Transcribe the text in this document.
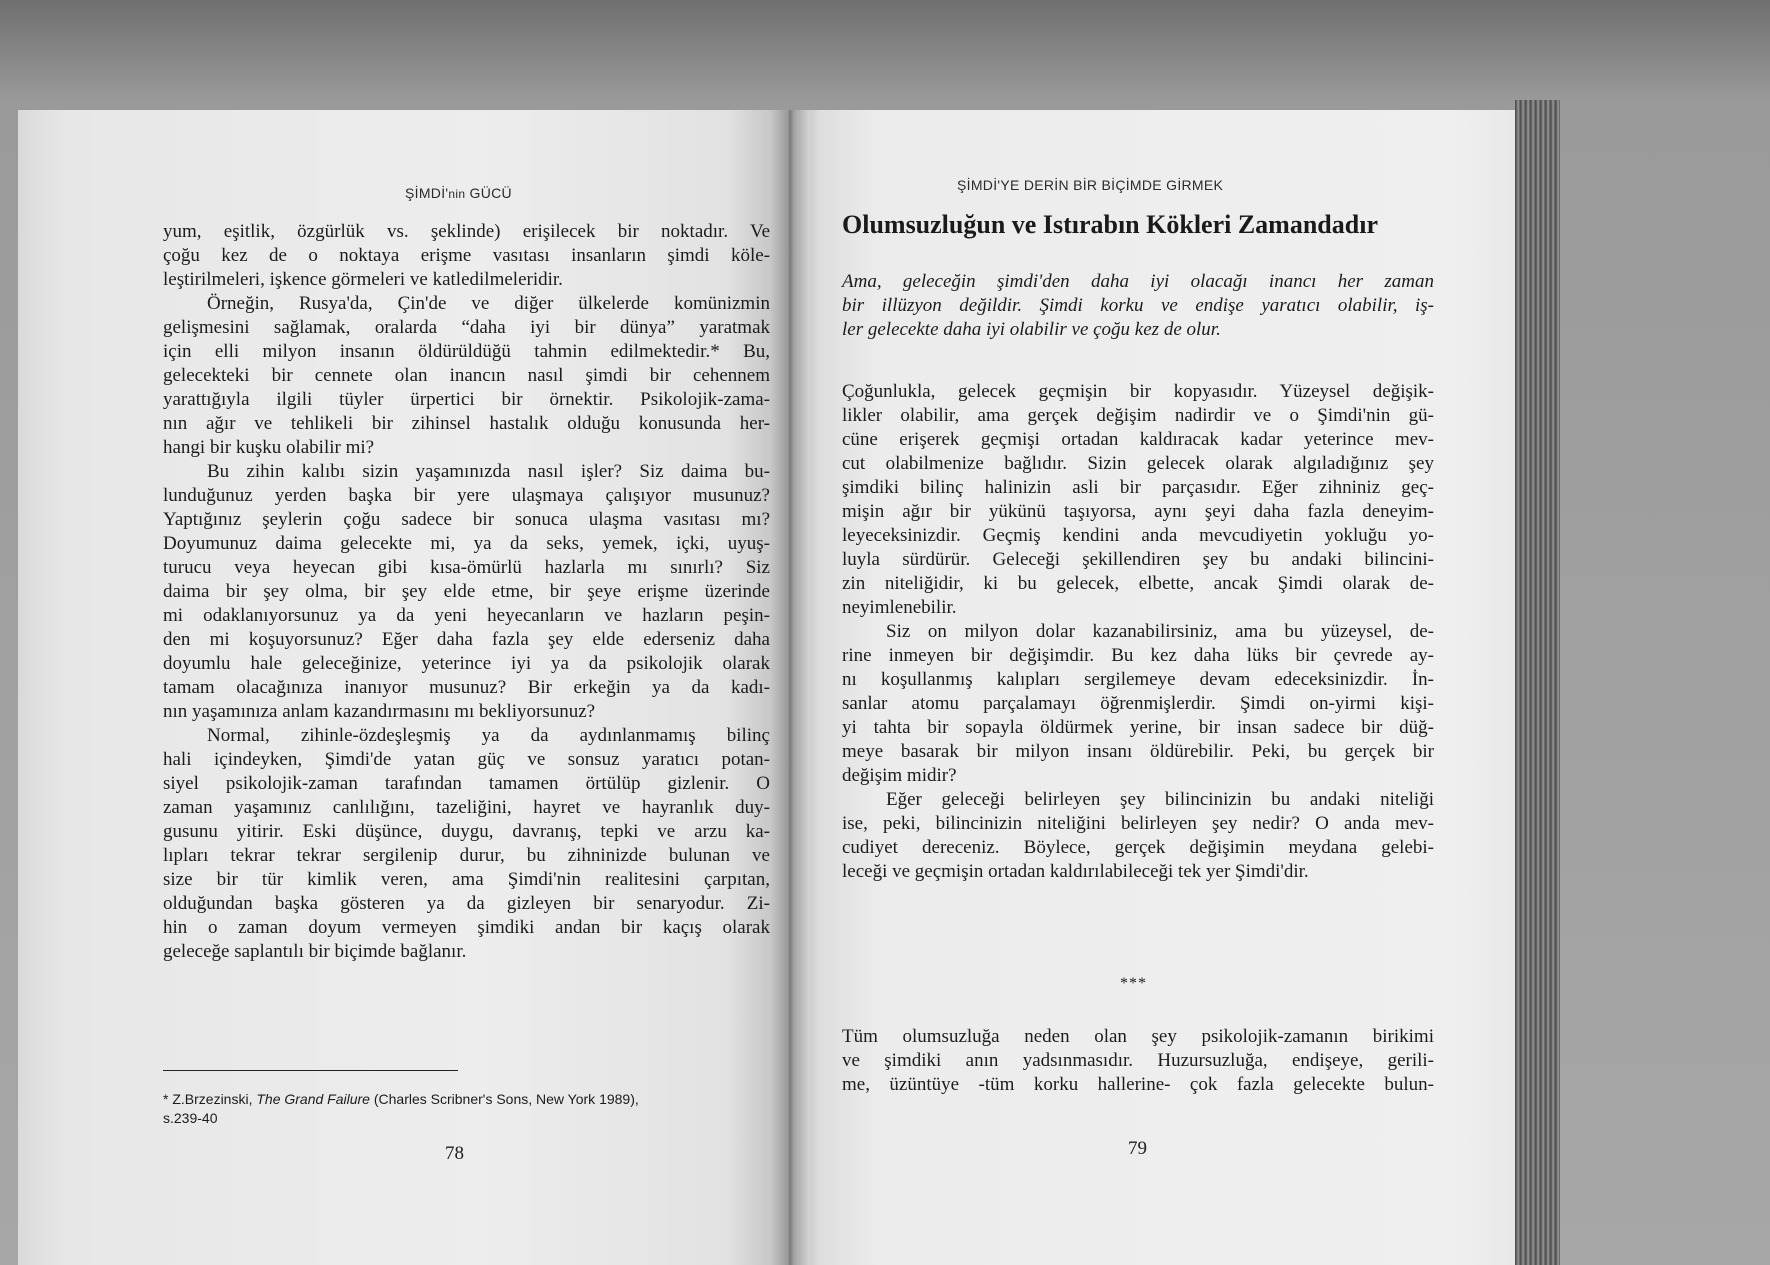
ŞİMDİ'nin GÜCÜ
yum, eşitlik, özgürlük vs. şeklinde) erişilecek bir noktadır. Ve
çoğu kez de o noktaya erişme vasıtası insanların şimdi köle-
leştirilmeleri, işkence görmeleri ve katledilmeleridir.
Örneğin, Rusya'da, Çin'de ve diğer ülkelerde komünizmin
gelişmesini sağlamak, oralarda “daha iyi bir dünya” yaratmak
için elli milyon insanın öldürüldüğü tahmin edilmektedir.* Bu,
gelecekteki bir cennete olan inancın nasıl şimdi bir cehennem
yarattığıyla ilgili tüyler ürpertici bir örnektir. Psikolojik-zama-
nın ağır ve tehlikeli bir zihinsel hastalık olduğu konusunda her-
hangi bir kuşku olabilir mi?
Bu zihin kalıbı sizin yaşamınızda nasıl işler? Siz daima bu-
lunduğunuz yerden başka bir yere ulaşmaya çalışıyor musunuz?
Yaptığınız şeylerin çoğu sadece bir sonuca ulaşma vasıtası mı?
Doyumunuz daima gelecekte mi, ya da seks, yemek, içki, uyuş-
turucu veya heyecan gibi kısa-ömürlü hazlarla mı sınırlı? Siz
daima bir şey olma, bir şey elde etme, bir şeye erişme üzerinde
mi odaklanıyorsunuz ya da yeni heyecanların ve hazların peşin-
den mi koşuyorsunuz? Eğer daha fazla şey elde ederseniz daha
doyumlu hale geleceğinize, yeterince iyi ya da psikolojik olarak
tamam olacağınıza inanıyor musunuz? Bir erkeğin ya da kadı-
nın yaşamınıza anlam kazandırmasını mı bekliyorsunuz?
Normal, zihinle-özdeşleşmiş ya da aydınlanmamış bilinç
hali içindeyken, Şimdi'de yatan güç ve sonsuz yaratıcı potan-
siyel psikolojik-zaman tarafından tamamen örtülüp gizlenir. O
zaman yaşamınız canlılığını, tazeliğini, hayret ve hayranlık duy-
gusunu yitirir. Eski düşünce, duygu, davranış, tepki ve arzu ka-
lıpları tekrar tekrar sergilenip durur, bu zihninizde bulunan ve
size bir tür kimlik veren, ama Şimdi'nin realitesini çarpıtan,
olduğundan başka gösteren ya da gizleyen bir senaryodur. Zi-
hin o zaman doyum vermeyen şimdiki andan bir kaçış olarak
geleceğe saplantılı bir biçimde bağlanır.
* Z.Brzezinski, The Grand Failure (Charles Scribner's Sons, New York 1989),
s.239-40
78
ŞİMDİ'YE DERİN BİR BİÇİMDE GİRMEK
Olumsuzluğun ve Istırabın Kökleri Zamandadır
Ama, geleceğin şimdi'den daha iyi olacağı inancı her zaman
bir illüzyon değildir. Şimdi korku ve endişe yaratıcı olabilir, iş-
ler gelecekte daha iyi olabilir ve çoğu kez de olur.
Çoğunlukla, gelecek geçmişin bir kopyasıdır. Yüzeysel değişik-
likler olabilir, ama gerçek değişim nadirdir ve o Şimdi'nin gü-
cüne erişerek geçmişi ortadan kaldıracak kadar yeterince mev-
cut olabilmenize bağlıdır. Sizin gelecek olarak algıladığınız şey
şimdiki bilinç halinizin asli bir parçasıdır. Eğer zihniniz geç-
mişin ağır bir yükünü taşıyorsa, aynı şeyi daha fazla deneyim-
leyeceksinizdir. Geçmiş kendini anda mevcudiyetin yokluğu yo-
luyla sürdürür. Geleceği şekillendiren şey bu andaki bilincini-
zin niteliğidir, ki bu gelecek, elbette, ancak Şimdi olarak de-
neyimlenebilir.
Siz on milyon dolar kazanabilirsiniz, ama bu yüzeysel, de-
rine inmeyen bir değişimdir. Bu kez daha lüks bir çevrede ay-
nı koşullanmış kalıpları sergilemeye devam edeceksinizdir. İn-
sanlar atomu parçalamayı öğrenmişlerdir. Şimdi on-yirmi kişi-
yi tahta bir sopayla öldürmek yerine, bir insan sadece bir düğ-
meye basarak bir milyon insanı öldürebilir. Peki, bu gerçek bir
değişim midir?
Eğer geleceği belirleyen şey bilincinizin bu andaki niteliği
ise, peki, bilincinizin niteliğini belirleyen şey nedir? O anda mev-
cudiyet dereceniz. Böylece, gerçek değişimin meydana gelebi-
leceği ve geçmişin ortadan kaldırılabileceği tek yer Şimdi'dir.
***
Tüm olumsuzluğa neden olan şey psikolojik-zamanın birikimi
ve şimdiki anın yadsınmasıdır. Huzursuzluğa, endişeye, gerili-
me, üzüntüye -tüm korku hallerine- çok fazla gelecekte bulun-
79
